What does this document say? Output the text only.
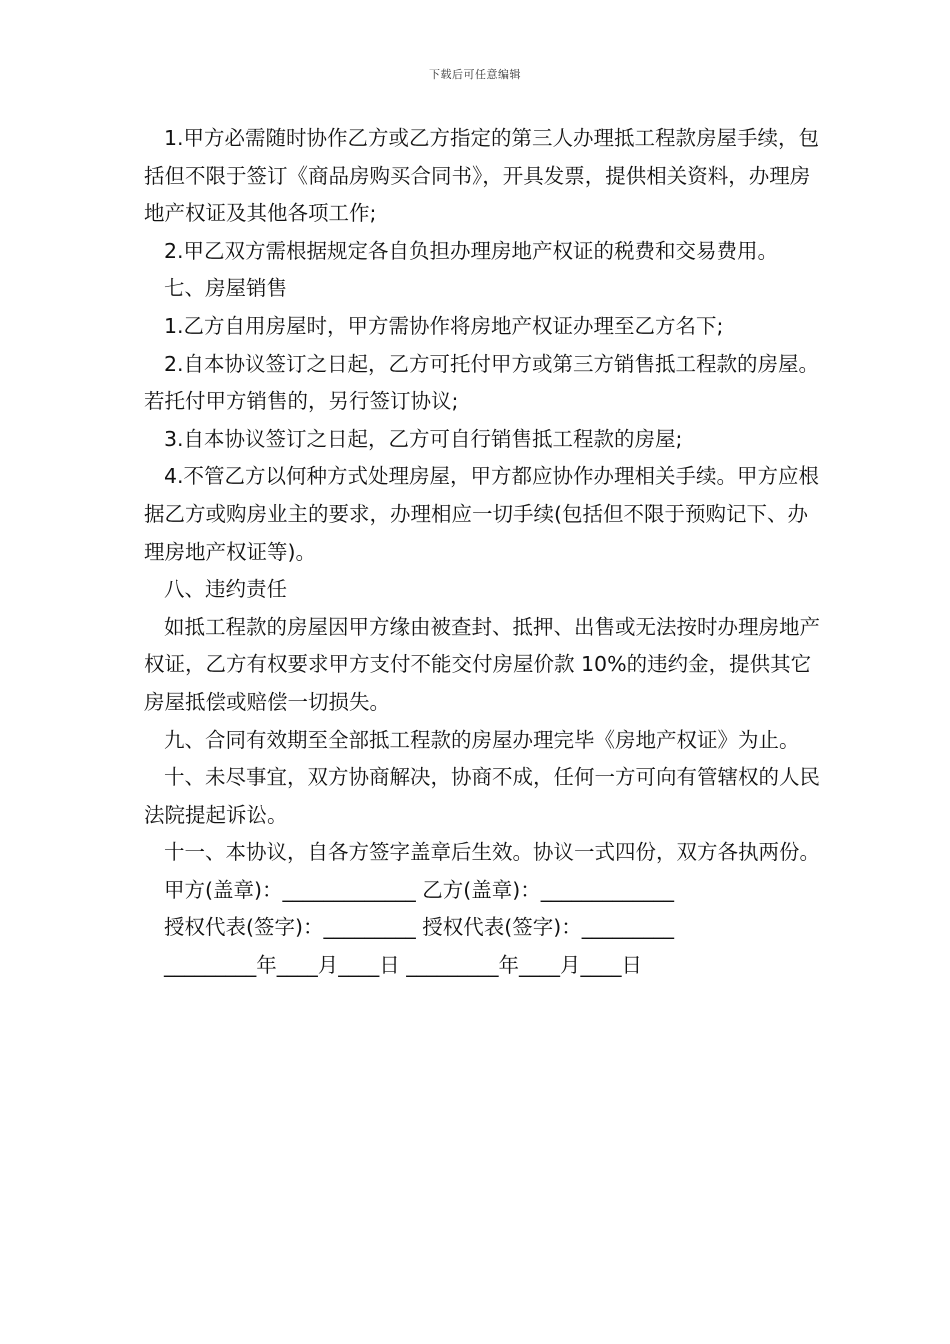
下载后可任意编辑

1.甲方必需随时协作乙方或乙方指定的第三人办理抵工程款房屋手续，包括但不限于签订《商品房购买合同书》，开具发票，提供相关资料，办理房地产权证及其他各项工作;

2.甲乙双方需根据规定各自负担办理房地产权证的税费和交易费用。

七、房屋销售

1.乙方自用房屋时，甲方需协作将房地产权证办理至乙方名下;

2.自本协议签订之日起，乙方可托付甲方或第三方销售抵工程款的房屋。若托付甲方销售的，另行签订协议;

3.自本协议签订之日起，乙方可自行销售抵工程款的房屋;

4.不管乙方以何种方式处理房屋，甲方都应协作办理相关手续。甲方应根据乙方或购房业主的要求，办理相应一切手续(包括但不限于预购记下、办理房地产权证等)。

八、违约责任

如抵工程款的房屋因甲方缘由被查封、抵押、出售或无法按时办理房地产权证，乙方有权要求甲方支付不能交付房屋价款 10%的违约金，提供其它房屋抵偿或赔偿一切损失。

九、合同有效期至全部抵工程款的房屋办理完毕《房地产权证》为止。

十、未尽事宜，双方协商解决，协商不成，任何一方可向有管辖权的人民法院提起诉讼。

十一、本协议，自各方签字盖章后生效。协议一式四份，双方各执两份。

甲方(盖章)：_____________ 乙方(盖章)：_____________

授权代表(签字)：_________ 授权代表(签字)：_________

_________年____月____日 _________年____月____日
